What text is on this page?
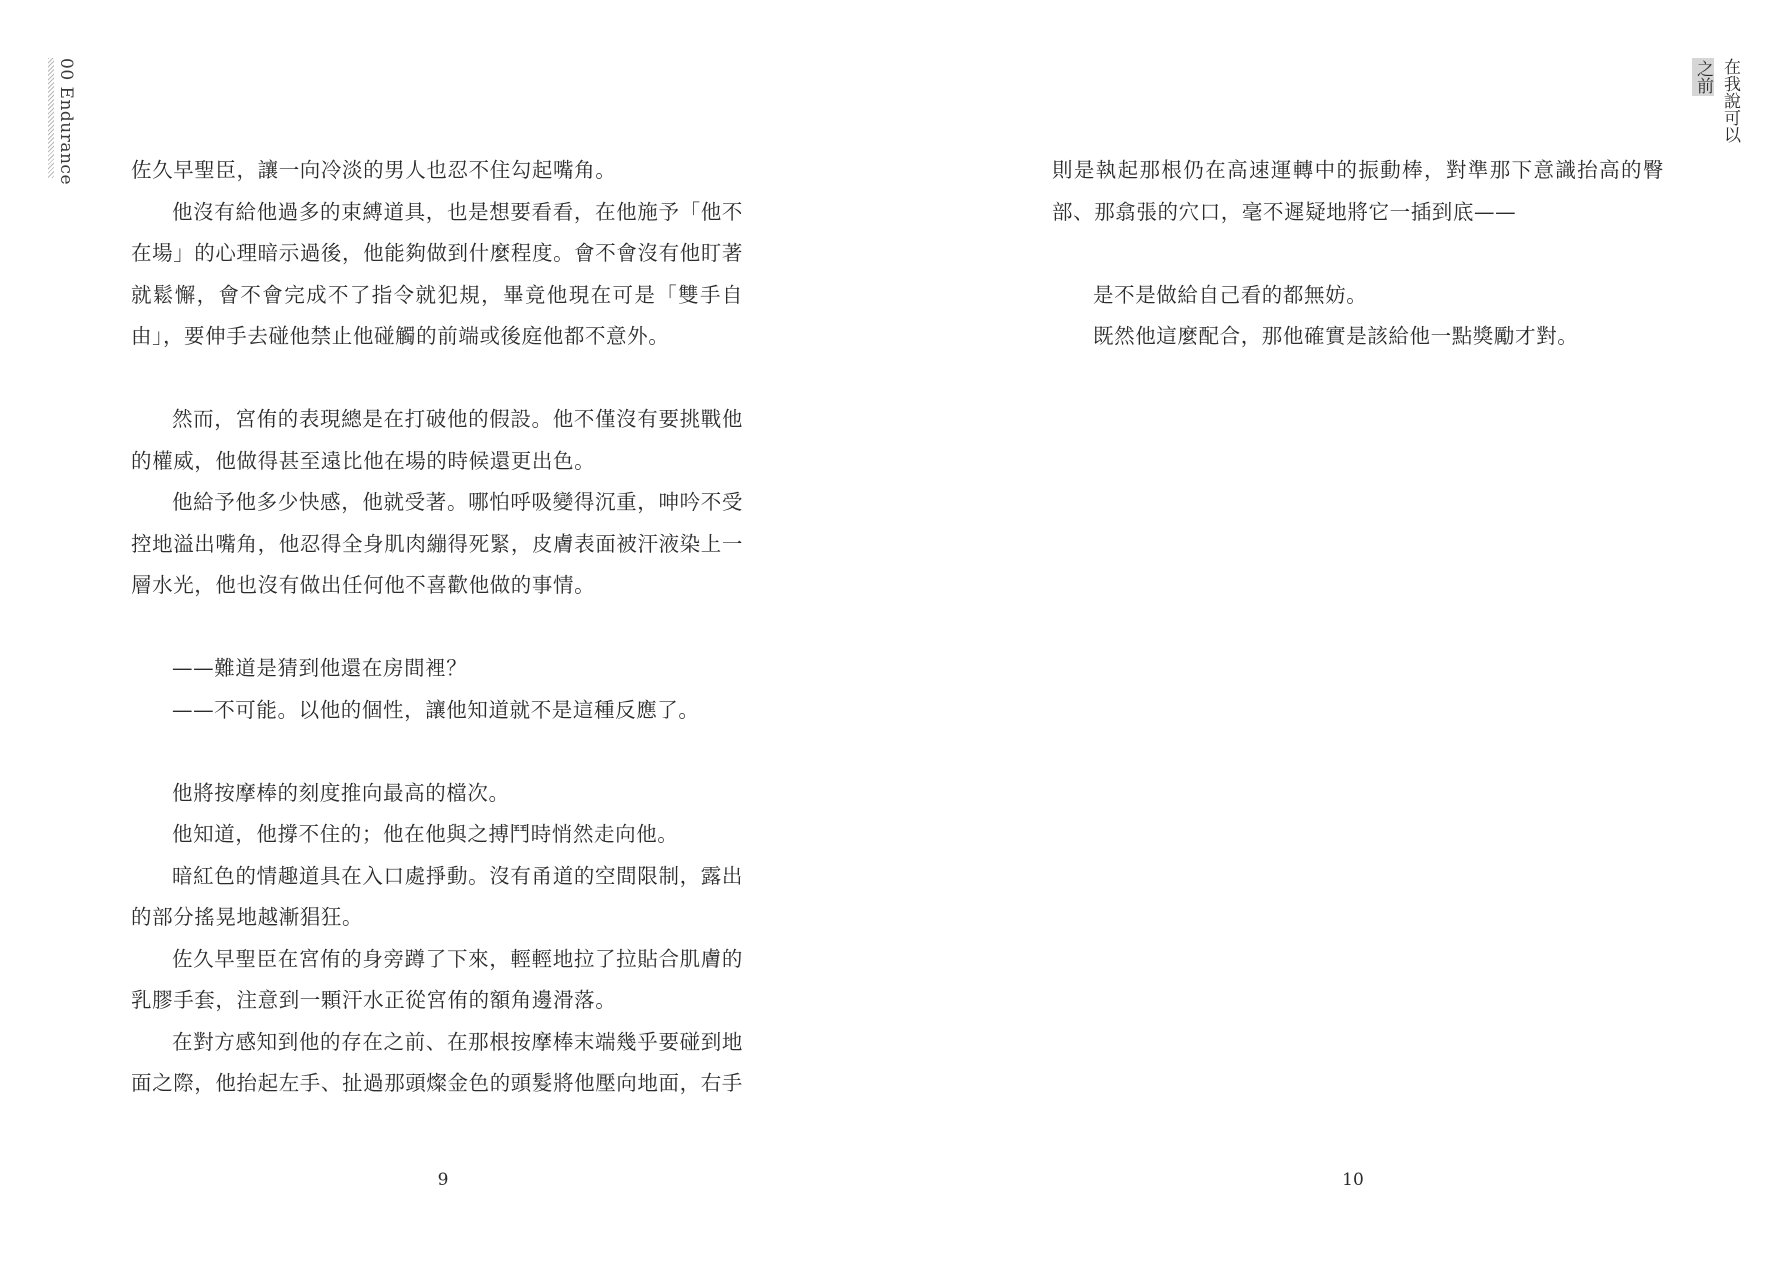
00 Endurance	在我說可以
之前

佐久早聖臣，讓一向冷淡的男人也忍不住勾起嘴角。

他沒有給他過多的束縛道具，也是想要看看，在他施予「他不在場」的心理暗示過後，他能夠做到什麼程度。會不會沒有他盯著就鬆懈，會不會完成不了指令就犯規，畢竟他現在可是「雙手自由」，要伸手去碰他禁止他碰觸的前端或後庭他都不意外。

然而，宮侑的表現總是在打破他的假設。他不僅沒有要挑戰他的權威，他做得甚至遠比他在場的時候還更出色。

他給予他多少快感，他就受著。哪怕呼吸變得沉重，呻吟不受控地溢出嘴角，他忍得全身肌肉繃得死緊，皮膚表面被汗液染上一層水光，他也沒有做出任何他不喜歡他做的事情。

——難道是猜到他還在房間裡？

——不可能。以他的個性，讓他知道就不是這種反應了。

他將按摩棒的刻度推向最高的檔次。

他知道，他撐不住的；他在他與之搏鬥時悄然走向他。

暗紅色的情趣道具在入口處掙動。沒有甬道的空間限制，露出的部分搖晃地越漸猖狂。

佐久早聖臣在宮侑的身旁蹲了下來，輕輕地拉了拉貼合肌膚的乳膠手套，注意到一顆汗水正從宮侑的額角邊滑落。

在對方感知到他的存在之前、在那根按摩棒末端幾乎要碰到地面之際，他抬起左手、扯過那頭燦金色的頭髮將他壓向地面，右手

則是執起那根仍在高速運轉中的振動棒，對準那下意識抬高的臀部、那翕張的穴口，毫不遲疑地將它一插到底——

是不是做給自己看的都無妨。

既然他這麼配合，那他確實是該給他一點獎勵才對。

9	10
